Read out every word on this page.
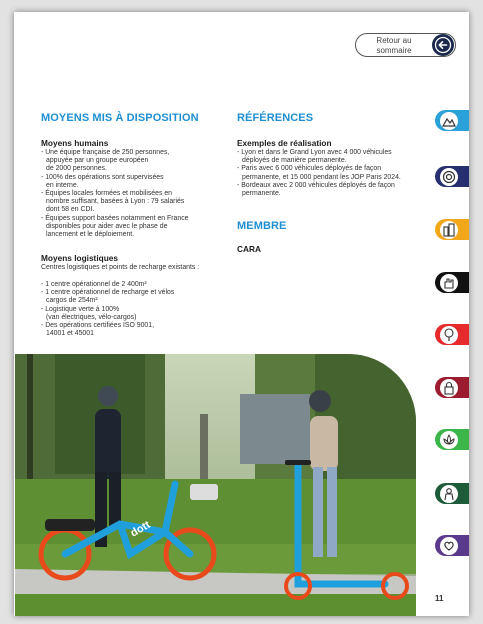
Retour au
sommaire
MOYENS MIS À DISPOSITION
Moyens humains
- Une équipe française de 250 personnes,
appuyée par un groupe européen
de 2000 personnes.
- 100% des opérations sont supervisées
en interne.
- Équipes locales formées et mobilisées en
nombre suffisant, basées à Lyon : 79 salariés
dont 58 en CDI.
- Équipes support basées notamment en France
disponibles pour aider avec le phase de
lancement et le déploiement.
Moyens logistiques

Centres logistiques et points de recharge existants :

- 1 centre opérationnel de 2 400m²
- 1 centre opérationnel de recharge et vélos
cargos de 254m²
- Logistique verte à 100%
(van électriques, vélo-cargos)
- Des opérations certifiées ISO 9001,
14001 et 45001
RÉFÉRENCES
Exemples de réalisation
- Lyon et dans le Grand Lyon avec 4 000 véhicules
déployés de manière permanente.
- Paris avec 6 000 véhicules déployés de façon
permanente, et 15 000 pendant les JOP Paris 2024.
- Bordeaux avec 2 000 véhicules déployés de façon
permanente.
MEMBRE

CARA

dott
11
